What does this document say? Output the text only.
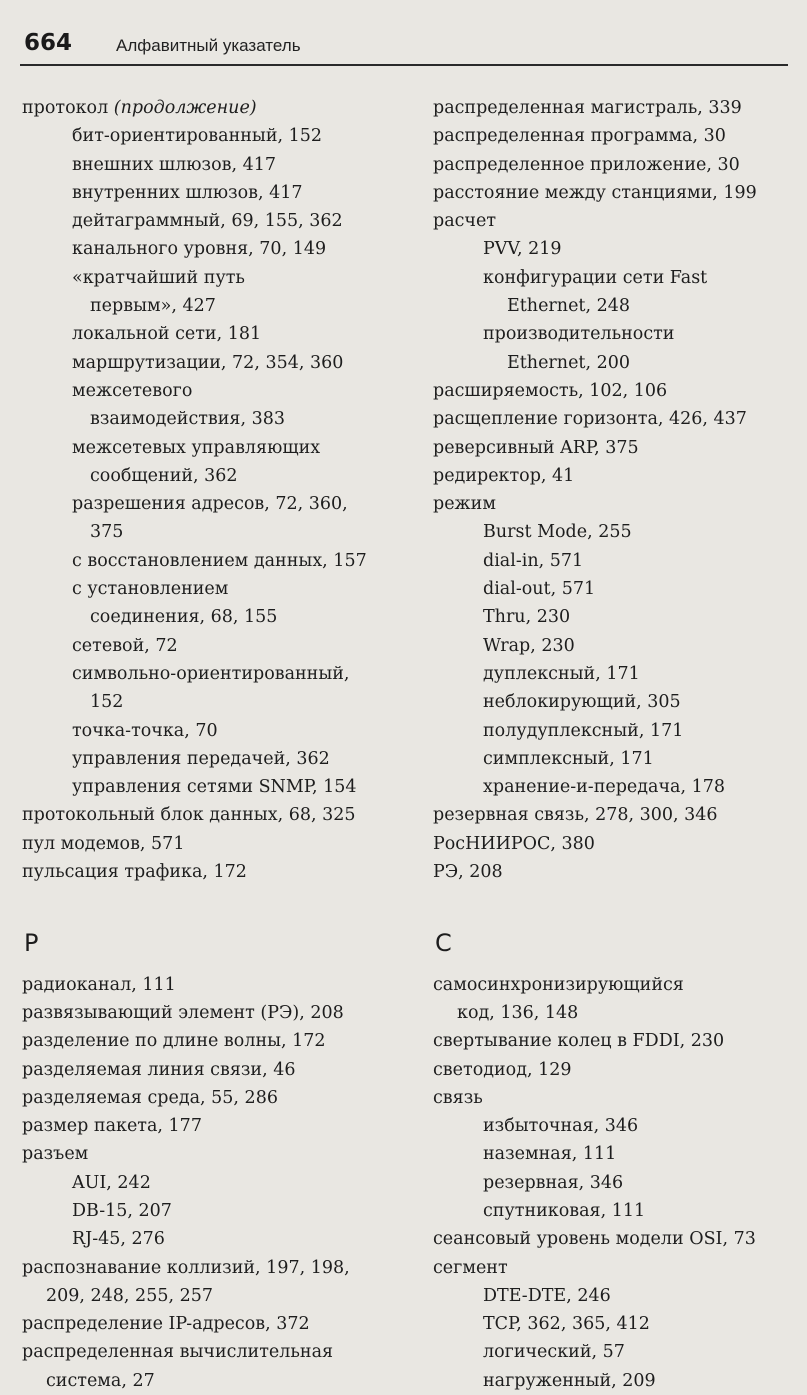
664	Алфавитный указатель
протокол (продолжение)
бит-ориентированный, 152
внешних шлюзов, 417
внутренних шлюзов, 417
дейтаграммный, 69, 155, 362
канального уровня, 70, 149
«кратчайший путь
первым», 427
локальной сети, 181
маршрутизации, 72, 354, 360
межсетевого
взаимодействия, 383
межсетевых управляющих
сообщений, 362
разрешения адресов, 72, 360,
375
с восстановлением данных, 157
с установлением
соединения, 68, 155
сетевой, 72
символьно-ориентированный,
152
точка-точка, 70
управления передачей, 362
управления сетями SNMP, 154
протокольный блок данных, 68, 325
пул модемов, 571
пульсация трафика, 172
Р
радиоканал, 111
развязывающий элемент (РЭ), 208
разделение по длине волны, 172
разделяемая линия связи, 46
разделяемая среда, 55, 286
размер пакета, 177
разъем
AUI, 242
DB-15, 207
RJ-45, 276
распознавание коллизий, 197, 198,
209, 248, 255, 257
распределение IP-адресов, 372
распределенная вычислительная
система, 27
распределенная магистраль, 339
распределенная программа, 30
распределенное приложение, 30
расстояние между станциями, 199
расчет
PVV, 219
конфигурации сети Fast
Ethernet, 248
производительности
Ethernet, 200
расширяемость, 102, 106
расщепление горизонта, 426, 437
реверсивный ARP, 375
редиректор, 41
режим
Burst Mode, 255
dial-in, 571
dial-out, 571
Thru, 230
Wrap, 230
дуплексный, 171
неблокирующий, 305
полудуплексный, 171
симплексный, 171
хранение-и-передача, 178
резервная связь, 278, 300, 346
РосНИИРОС, 380
РЭ, 208
С
самосинхронизирующийся
код, 136, 148
свертывание колец в FDDI, 230
светодиод, 129
связь
избыточная, 346
наземная, 111
резервная, 346
спутниковая, 111
сеансовый уровень модели OSI, 73
сегмент
DTE-DTE, 246
TCP, 362, 365, 412
логический, 57
нагруженный, 209
